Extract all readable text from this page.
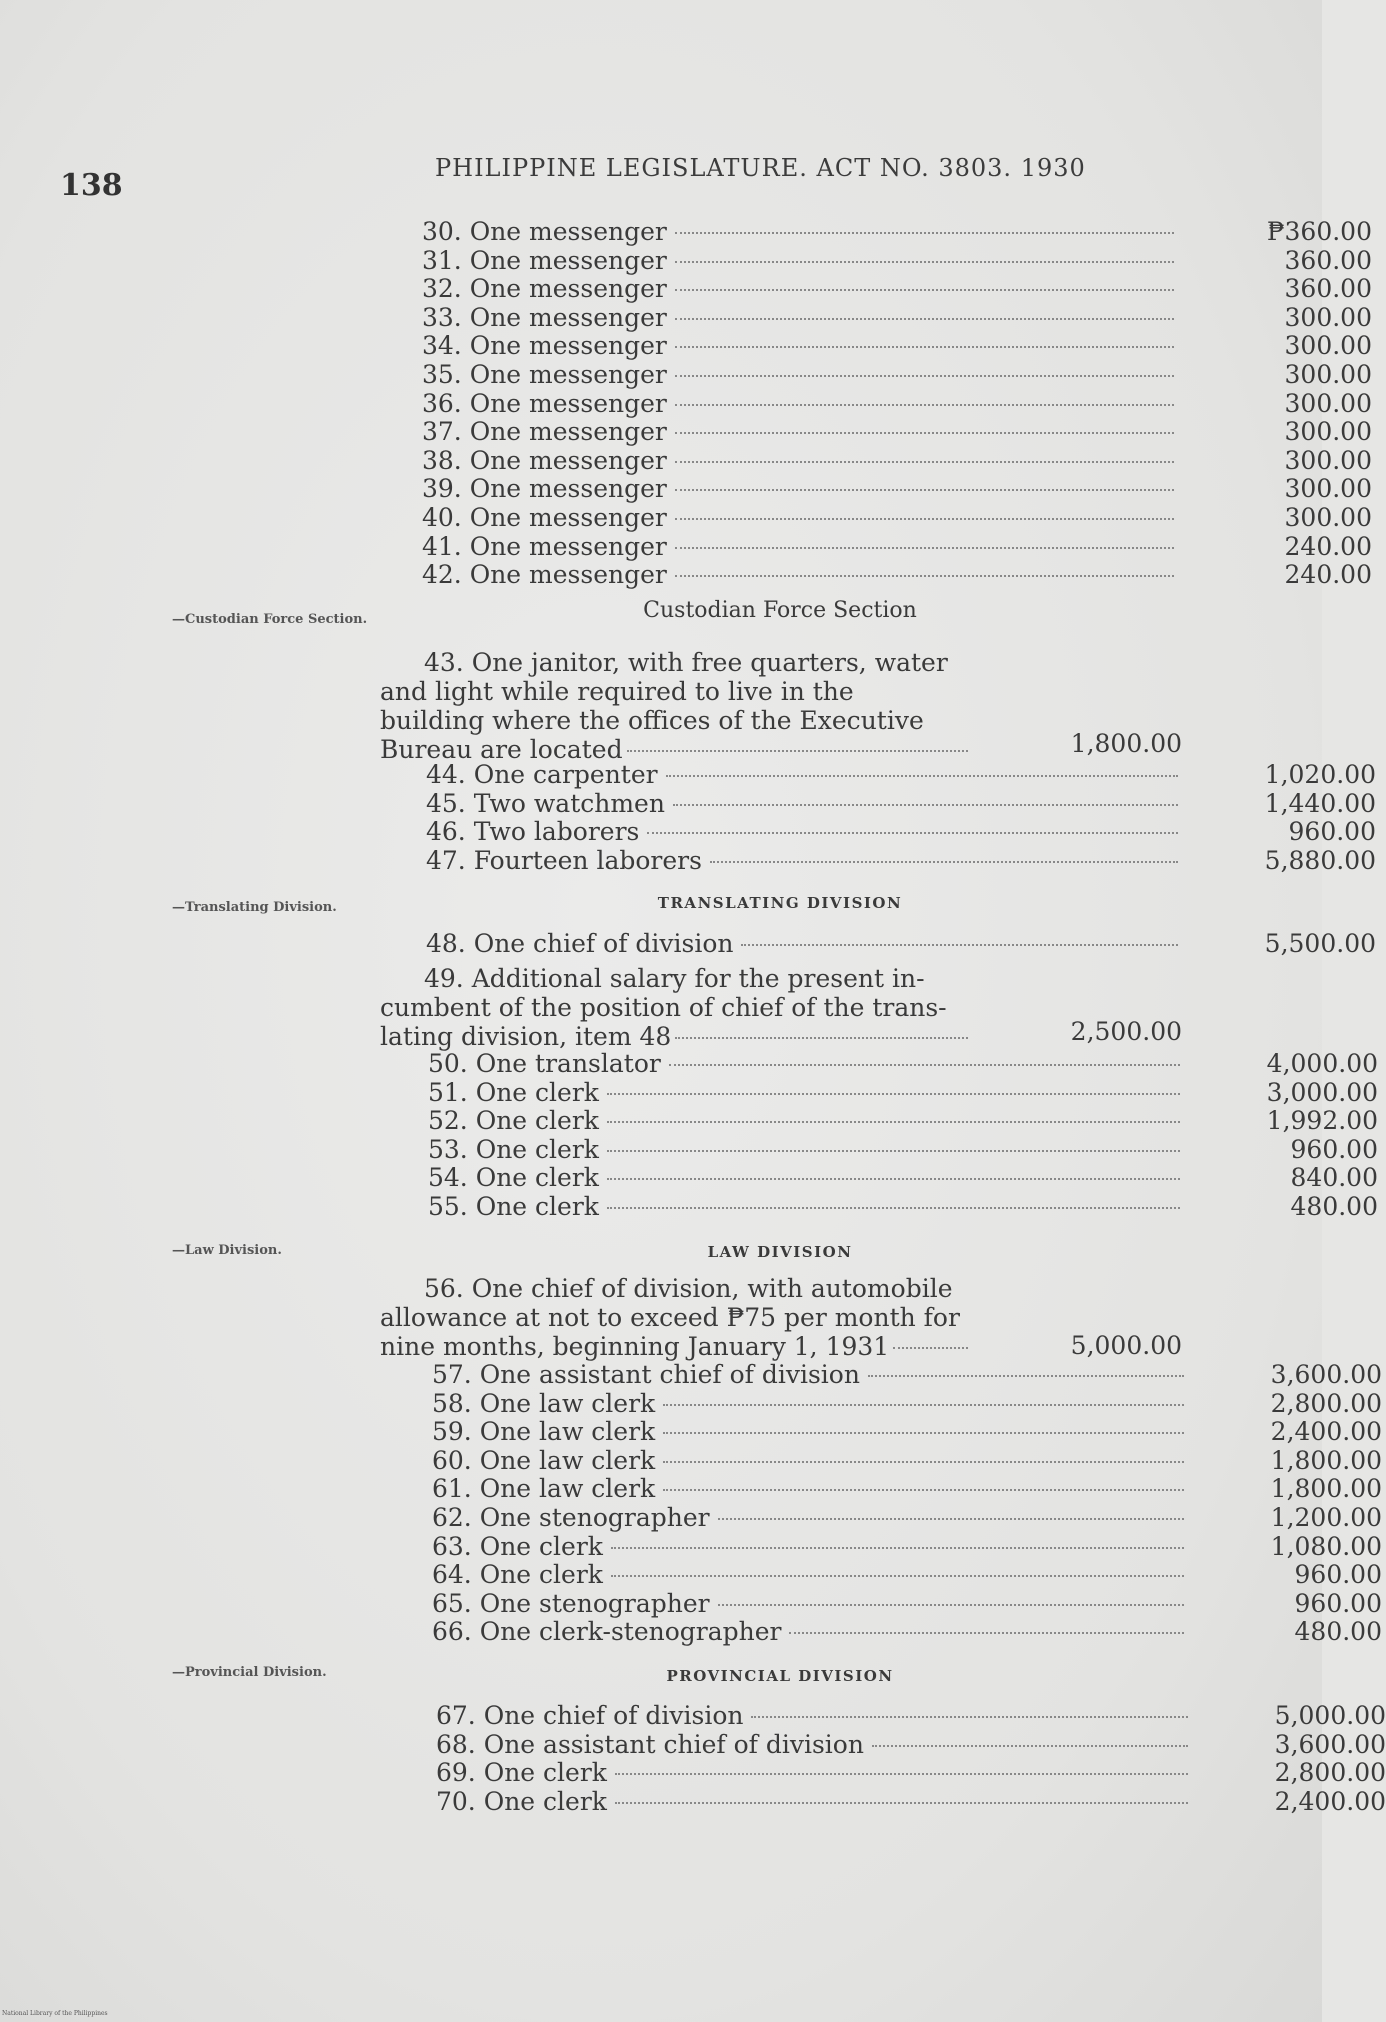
138	PHILIPPINE LEGISLATURE. ACT NO. 3803. 1930
—Custodian Force Section.	Custodian Force Section
43. One janitor, with free quarters, water
and light while required to live in the
building where the offices of the Executive
Bureau are located	1,800.00
—Translating Division.	TRANSLATING DIVISION
49. Additional salary for the present in-
cumbent of the position of chief of the trans-
lating division, item 48	2,500.00
—Law Division.	LAW DIVISION
56. One chief of division, with automobile
allowance at not to exceed ₱75 per month for
nine months, beginning January 1, 1931	5,000.00
—Provincial Division.	PROVINCIAL DIVISION
30. One messenger	₱360.00
31. One messenger	360.00
32. One messenger	360.00
33. One messenger	300.00
34. One messenger	300.00
35. One messenger	300.00
36. One messenger	300.00
37. One messenger	300.00
38. One messenger	300.00
39. One messenger	300.00
40. One messenger	300.00
41. One messenger	240.00
42. One messenger	240.00
44. One carpenter	1,020.00
45. Two watchmen	1,440.00
46. Two laborers	960.00
47. Fourteen laborers	5,880.00
48. One chief of division	5,500.00
50. One translator	4,000.00
51. One clerk	3,000.00
52. One clerk	1,992.00
53. One clerk	960.00
54. One clerk	840.00
55. One clerk	480.00
57. One assistant chief of division	3,600.00
58. One law clerk	2,800.00
59. One law clerk	2,400.00
60. One law clerk	1,800.00
61. One law clerk	1,800.00
62. One stenographer	1,200.00
63. One clerk	1,080.00
64. One clerk	960.00
65. One stenographer	960.00
66. One clerk-stenographer	480.00
67. One chief of division	5,000.00
68. One assistant chief of division	3,600.00
69. One clerk	2,800.00
70. One clerk	2,400.00
National Library of the Philippines
